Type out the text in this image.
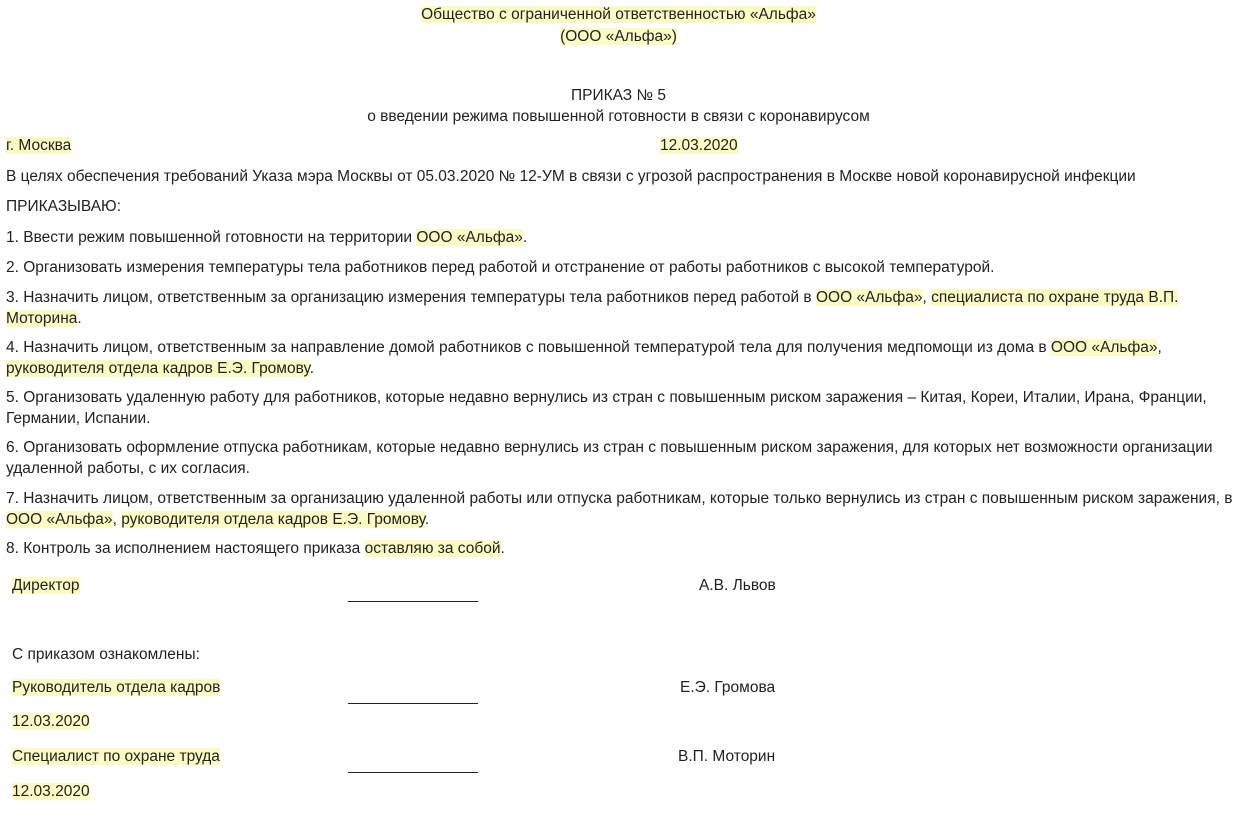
Общество с ограниченной ответственностью «Альфа»
(ООО «Альфа»)
ПРИКАЗ № 5
о введении режима повышенной готовности в связи с коронавирусом
г. Москва	12.03.2020
В целях обеспечения требований Указа мэра Москвы от 05.03.2020 № 12-УМ в связи с угрозой распространения в Москве новой коронавирусной инфекции
ПРИКАЗЫВАЮ:
1. Ввести режим повышенной готовности на территории ООО «Альфа».
2. Организовать измерения температуры тела работников перед работой и отстранение от работы работников с высокой температурой.
3. Назначить лицом, ответственным за организацию измерения температуры тела работников перед работой в ООО «Альфа», специалиста по охране труда В.П. Моторина.
4. Назначить лицом, ответственным за направление домой работников с повышенной температурой тела для получения медпомощи из дома в ООО «Альфа», руководителя отдела кадров Е.Э. Громову.
5. Организовать удаленную работу для работников, которые недавно вернулись из стран с повышенным риском заражения – Китая, Кореи, Италии, Ирана, Франции, Германии, Испании.
6. Организовать оформление отпуска работникам, которые недавно вернулись из стран с повышенным риском заражения, для которых нет возможности организации удаленной работы, с их согласия.
7. Назначить лицом, ответственным за организацию удаленной работы или отпуска работникам, которые только вернулись из стран с повышенным риском заражения, в ООО «Альфа», руководителя отдела кадров Е.Э. Громову.
8. Контроль за исполнением настоящего приказа оставляю за собой.
Директор	А.В. Львов
С приказом ознакомлены:
Руководитель отдела кадров	Е.Э. Громова
12.03.2020
Специалист по охране труда	В.П. Моторин
12.03.2020
